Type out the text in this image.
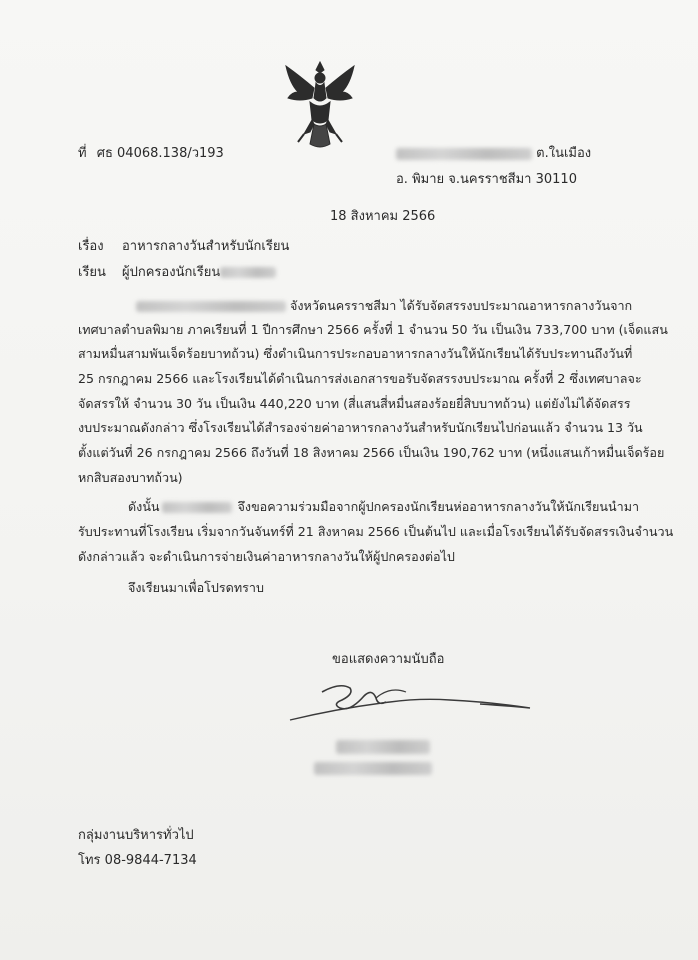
ที่ ศธ 04068.138/ว193	ต.ในเมือง
อ. พิมาย จ.นครราชสีมา 30110
18 สิงหาคม 2566
เรื่อง อาหารกลางวันสำหรับนักเรียน
เรียน ผู้ปกครองนักเรียน
จังหวัดนครราชสีมา ได้รับจัดสรรงบประมาณอาหารกลางวันจาก
เทศบาลตำบลพิมาย ภาคเรียนที่ 1 ปีการศึกษา 2566 ครั้งที่ 1 จำนวน 50 วัน เป็นเงิน 733,700 บาท (เจ็ดแสน
สามหมื่นสามพันเจ็ดร้อยบาทถ้วน) ซึ่งดำเนินการประกอบอาหารกลางวันให้นักเรียนได้รับประทานถึงวันที่
25 กรกฎาคม 2566 และโรงเรียนได้ดำเนินการส่งเอกสารขอรับจัดสรรงบประมาณ ครั้งที่ 2 ซึ่งเทศบาลจะ
จัดสรรให้ จำนวน 30 วัน เป็นเงิน 440,220 บาท (สี่แสนสี่หมื่นสองร้อยยี่สิบบาทถ้วน) แต่ยังไม่ได้จัดสรร
งบประมาณดังกล่าว ซึ่งโรงเรียนได้สำรองจ่ายค่าอาหารกลางวันสำหรับนักเรียนไปก่อนแล้ว จำนวน 13 วัน
ตั้งแต่วันที่ 26 กรกฎาคม 2566 ถึงวันที่ 18 สิงหาคม 2566 เป็นเงิน 190,762 บาท (หนึ่งแสนเก้าหมื่นเจ็ดร้อย
หกสิบสองบาทถ้วน)
ดังนั้น	จึงขอความร่วมมือจากผู้ปกครองนักเรียนห่ออาหารกลางวันให้นักเรียนนำมา
รับประทานที่โรงเรียน เริ่มจากวันจันทร์ที่ 21 สิงหาคม 2566 เป็นต้นไป และเมื่อโรงเรียนได้รับจัดสรรเงินจำนวน
ดังกล่าวแล้ว จะดำเนินการจ่ายเงินค่าอาหารกลางวันให้ผู้ปกครองต่อไป
จึงเรียนมาเพื่อโปรดทราบ
ขอแสดงความนับถือ
กลุ่มงานบริหารทั่วไป
โทร 08-9844-7134
